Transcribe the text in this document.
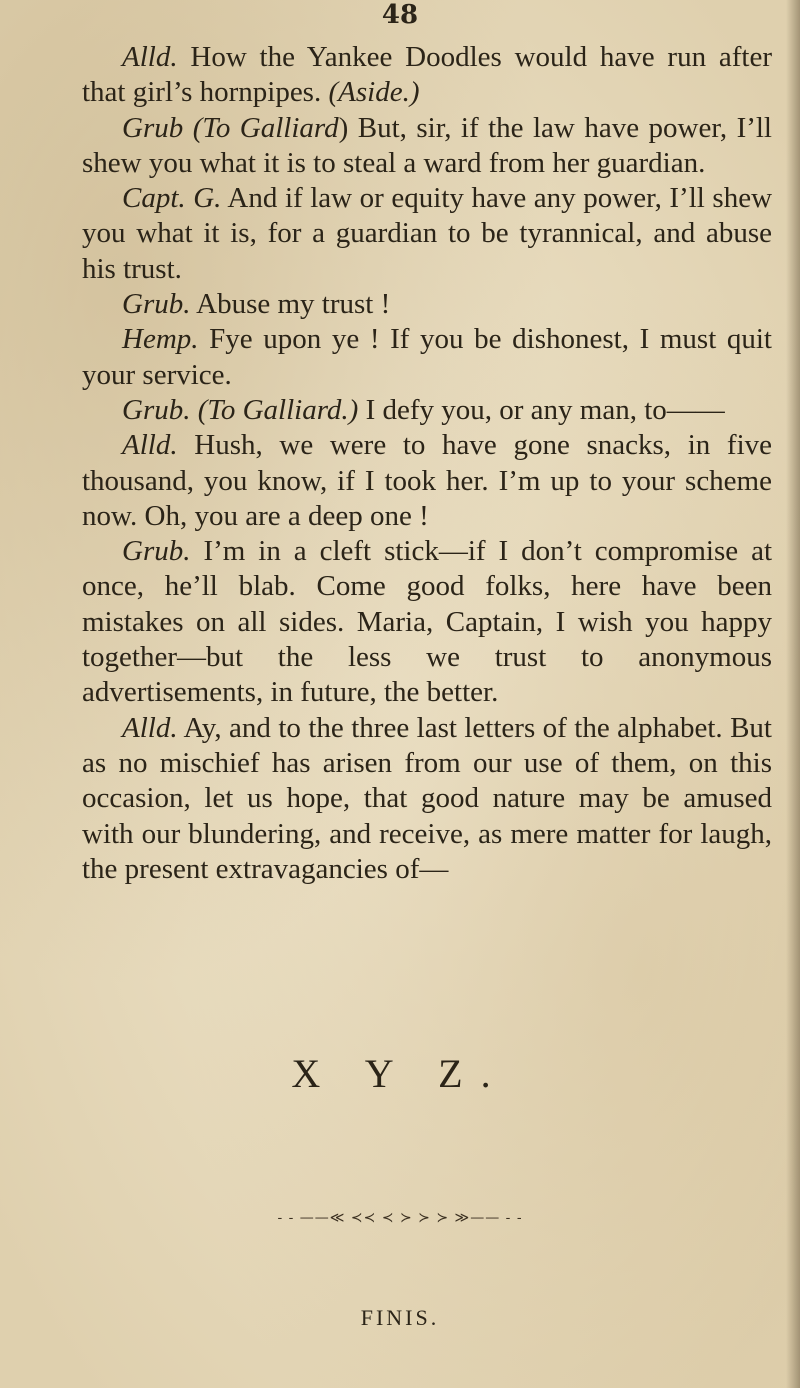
48

Alld. How the Yankee Doodles would have run after that girl’s hornpipes. (Aside.)

Grub (To Galliard) But, sir, if the law have power, I’ll shew you what it is to steal a ward from her guardian.

Capt. G. And if law or equity have any power, I’ll shew you what it is, for a guardian to be tyrannical, and abuse his trust.

Grub. Abuse my trust !

Hemp. Fye upon ye ! If you be dishonest, I must quit your service.

Grub. (To Galliard.) I defy you, or any man, to——

Alld. Hush, we were to have gone snacks, in five thousand, you know, if I took her. I’m up to your scheme now. Oh, you are a deep one !

Grub. I’m in a cleft stick—if I don’t compromise at once, he’ll blab. Come good folks, here have been mistakes on all sides. Maria, Captain, I wish you happy together—but the less we trust to anonymous advertisements, in future, the better.

Alld. Ay, and to the three last letters of the alphabet. But as no mischief has arisen from our use of them, on this occasion, let us hope, that good nature may be amused with our blundering, and receive, as mere matter for laugh, the present extravagancies of—

X Y Z.
- - ——≪ ≺≺ ≺ ≻ ≻ ≻ ≫—— - -
FINIS.
